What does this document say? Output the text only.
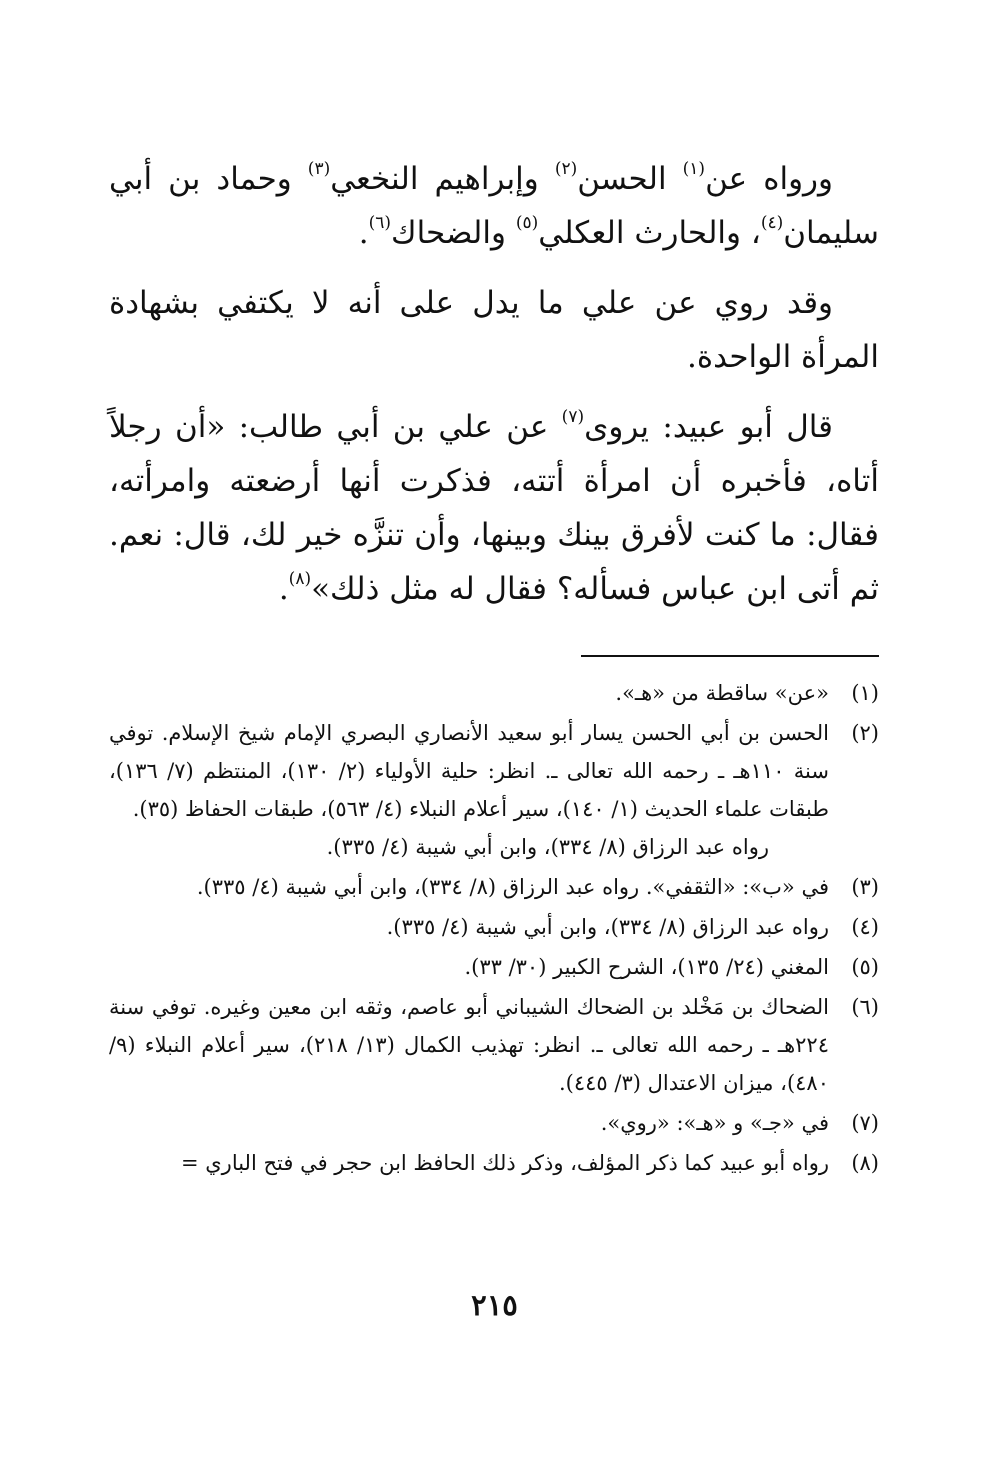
ورواه عن$^{(١)}$ الحسن$^{(٢)}$ وإبراهيم النخعي$^{(٣)}$ وحماد بن أبي سليمان$^{(٤)}$، والحارث العكلي$^{(٥)}$ والضحاك$^{(٦)}$.

وقد روي عن علي ما يدل على أنه لا يكتفي بشهادة المرأة الواحدة.

قال أبو عبيد: يروى$^{(٧)}$ عن علي بن أبي طالب: «أن رجلاً أتاه، فأخبره أن امرأة أتته، فذكرت أنها أرضعته وامرأته، فقال: ما كنت لأفرق بينك وبينها، وأن تنزَّه خير لك، قال: نعم. ثم أتى ابن عباس فسأله؟ فقال له مثل ذلك»$^{(٨)}$.

(١)
«عن» ساقطة من «هـ».
(٢)
الحسن بن أبي الحسن يسار أبو سعيد الأنصاري البصري الإمام شيخ الإسلام. توفي سنة ١١٠هـ ـ رحمه الله تعالى ـ. انظر: حلية الأولياء (٢/ ١٣٠)، المنتظم (٧/ ١٣٦)، طبقات علماء الحديث (١/ ١٤٠)، سير أعلام النبلاء (٤/ ٥٦٣)، طبقات الحفاظ (٣٥).
رواه عبد الرزاق (٨/ ٣٣٤)، وابن أبي شيبة (٤/ ٣٣٥).
(٣)
في «ب»: «الثقفي». رواه عبد الرزاق (٨/ ٣٣٤)، وابن أبي شيبة (٤/ ٣٣٥).
(٤)
رواه عبد الرزاق (٨/ ٣٣٤)، وابن أبي شيبة (٤/ ٣٣٥).
(٥)
المغني (٢٤/ ١٣٥)، الشرح الكبير (٣٠/ ٣٣).
(٦)
الضحاك بن مَخْلد بن الضحاك الشيباني أبو عاصم، وثقه ابن معين وغيره. توفي سنة ٢٢٤هـ ـ رحمه الله تعالى ـ. انظر: تهذيب الكمال (١٣/ ٢١٨)، سير أعلام النبلاء (٩/ ٤٨٠)، ميزان الاعتدال (٣/ ٤٤٥).
(٧)
في «جـ» و «هـ»: «روي».
(٨)
رواه أبو عبيد كما ذكر المؤلف، وذكر ذلك الحافظ ابن حجر في فتح الباري =
٢١٥
